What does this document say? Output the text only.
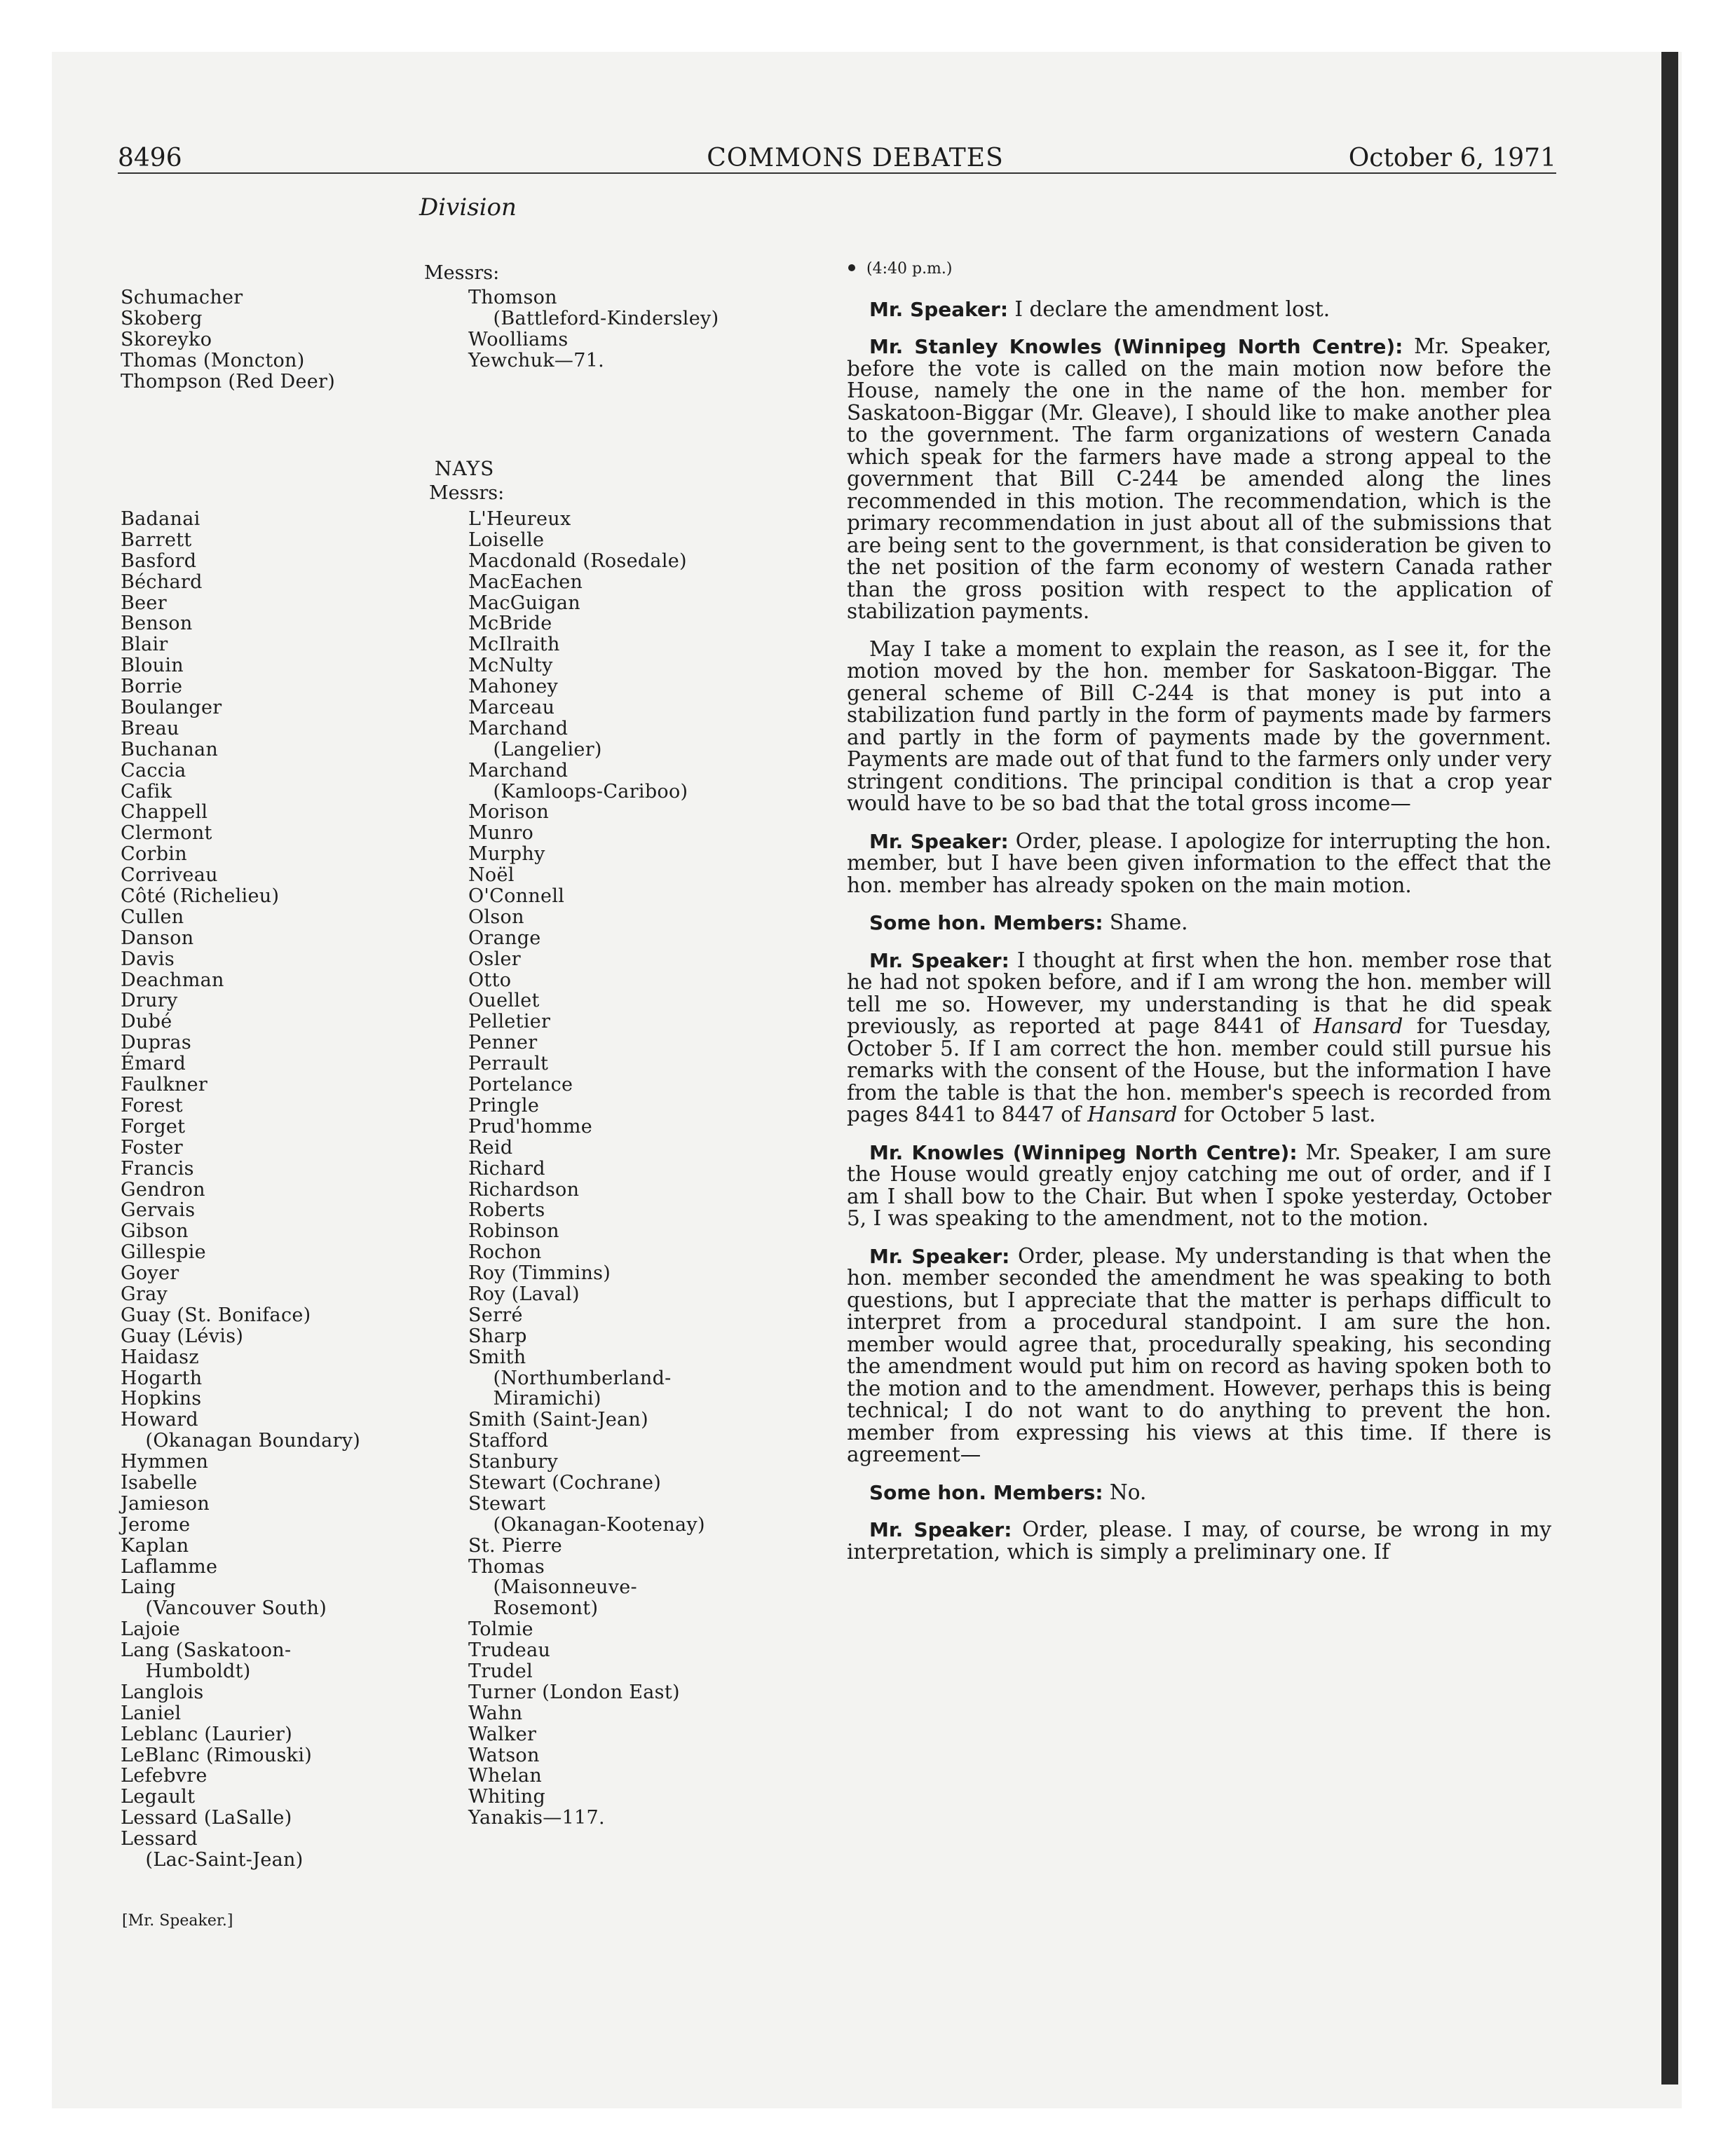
8496	COMMONS DEBATES	October 6, 1971
Division
Messrs:
Schumacher
Skoberg
Skoreyko
Thomas (Moncton)
Thompson (Red Deer)
Thomson
(Battleford-Kindersley)
Woolliams
Yewchuk—71.
NAYS
Messrs:
Badanai
Barrett
Basford
Béchard
Beer
Benson
Blair
Blouin
Borrie
Boulanger
Breau
Buchanan
Caccia
Cafik
Chappell
Clermont
Corbin
Corriveau
Côté (Richelieu)
Cullen
Danson
Davis
Deachman
Drury
Dubé
Dupras
Émard
Faulkner
Forest
Forget
Foster
Francis
Gendron
Gervais
Gibson
Gillespie
Goyer
Gray
Guay (St. Boniface)
Guay (Lévis)
Haidasz
Hogarth
Hopkins
Howard
(Okanagan Boundary)
Hymmen
Isabelle
Jamieson
Jerome
Kaplan
Laflamme
Laing
(Vancouver South)
Lajoie
Lang (Saskatoon-
Humboldt)
Langlois
Laniel
Leblanc (Laurier)
LeBlanc (Rimouski)
Lefebvre
Legault
Lessard (LaSalle)
Lessard
(Lac-Saint-Jean)
L'Heureux
Loiselle
Macdonald (Rosedale)
MacEachen
MacGuigan
McBride
McIlraith
McNulty
Mahoney
Marceau
Marchand
(Langelier)
Marchand
(Kamloops-Cariboo)
Morison
Munro
Murphy
Noël
O'Connell
Olson
Orange
Osler
Otto
Ouellet
Pelletier
Penner
Perrault
Portelance
Pringle
Prud'homme
Reid
Richard
Richardson
Roberts
Robinson
Rochon
Roy (Timmins)
Roy (Laval)
Serré
Sharp
Smith
(Northumberland-
Miramichi)
Smith (Saint-Jean)
Stafford
Stanbury
Stewart (Cochrane)
Stewart
(Okanagan-Kootenay)
St. Pierre
Thomas
(Maisonneuve-
Rosemont)
Tolmie
Trudeau
Trudel
Turner (London East)
Wahn
Walker
Watson
Whelan
Whiting
Yanakis—117.
[Mr. Speaker.]

(4:40 p.m.)

Mr. Speaker: I declare the amendment lost.

Mr. Stanley Knowles (Winnipeg North Centre): Mr. Speaker, before the vote is called on the main motion now before the House, namely the one in the name of the hon. member for Saskatoon-Biggar (Mr. Gleave), I should like to make another plea to the government. The farm organizations of western Canada which speak for the farmers have made a strong appeal to the government that Bill C-244 be amended along the lines recommended in this motion. The recommendation, which is the primary recommendation in just about all of the submissions that are being sent to the government, is that consideration be given to the net position of the farm economy of western Canada rather than the gross position with respect to the application of stabilization payments.

May I take a moment to explain the reason, as I see it, for the motion moved by the hon. member for Saskatoon-Biggar. The general scheme of Bill C-244 is that money is put into a stabilization fund partly in the form of payments made by farmers and partly in the form of payments made by the government. Payments are made out of that fund to the farmers only under very stringent conditions. The principal condition is that a crop year would have to be so bad that the total gross income—

Mr. Speaker: Order, please. I apologize for interrupting the hon. member, but I have been given information to the effect that the hon. member has already spoken on the main motion.

Some hon. Members: Shame.

Mr. Speaker: I thought at first when the hon. member rose that he had not spoken before, and if I am wrong the hon. member will tell me so. However, my understanding is that he did speak previously, as reported at page 8441 of Hansard for Tuesday, October 5. If I am correct the hon. member could still pursue his remarks with the consent of the House, but the information I have from the table is that the hon. member's speech is recorded from pages 8441 to 8447 of Hansard for October 5 last.

Mr. Knowles (Winnipeg North Centre): Mr. Speaker, I am sure the House would greatly enjoy catching me out of order, and if I am I shall bow to the Chair. But when I spoke yesterday, October 5, I was speaking to the amendment, not to the motion.

Mr. Speaker: Order, please. My understanding is that when the hon. member seconded the amendment he was speaking to both questions, but I appreciate that the matter is perhaps difficult to interpret from a procedural standpoint. I am sure the hon. member would agree that, procedurally speaking, his seconding the amendment would put him on record as having spoken both to the motion and to the amendment. However, perhaps this is being technical; I do not want to do anything to prevent the hon. member from expressing his views at this time. If there is agreement—

Some hon. Members: No.

Mr. Speaker: Order, please. I may, of course, be wrong in my interpretation, which is simply a preliminary one. If
